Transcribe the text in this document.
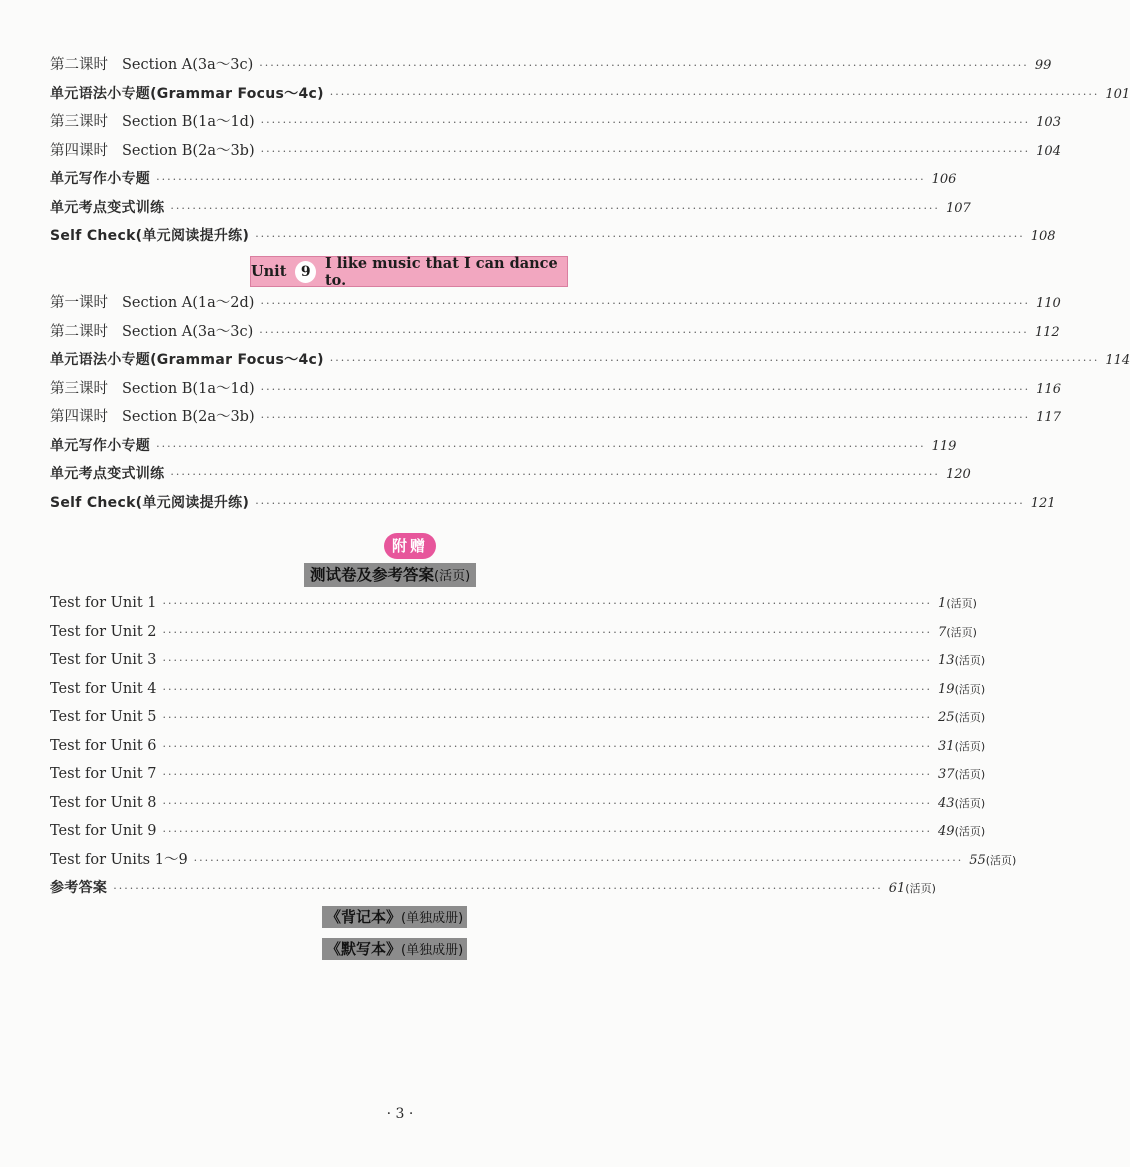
第二课时 Section A(3a～3c) ············································································································································ 99
单元语法小专题(Grammar Focus～4c) ············································································································································ 101
第三课时 Section B(1a～1d) ············································································································································ 103
第四课时 Section B(2a～3b) ············································································································································ 104
单元写作小专题 ············································································································································ 106
单元考点变式训练 ············································································································································ 107
Self Check(单元阅读提升练) ············································································································································ 108
第一课时 Section A(1a～2d) ············································································································································ 110
第二课时 Section A(3a～3c) ············································································································································ 112
单元语法小专题(Grammar Focus～4c) ············································································································································ 114
第三课时 Section B(1a～1d) ············································································································································ 116
第四课时 Section B(2a～3b) ············································································································································ 117
单元写作小专题 ············································································································································ 119
单元考点变式训练 ············································································································································ 120
Self Check(单元阅读提升练) ············································································································································ 121
Test for Unit 1 ············································································································································ 1(活页)
Test for Unit 2 ············································································································································ 7(活页)
Test for Unit 3 ············································································································································ 13(活页)
Test for Unit 4 ············································································································································ 19(活页)
Test for Unit 5 ············································································································································ 25(活页)
Test for Unit 6 ············································································································································ 31(活页)
Test for Unit 7 ············································································································································ 37(活页)
Test for Unit 8 ············································································································································ 43(活页)
Test for Unit 9 ············································································································································ 49(活页)
Test for Units 1～9 ············································································································································ 55(活页)
参考答案 ············································································································································ 61(活页)
Unit	9 I like music that I can dance to.
附赠
测试卷及参考答案(活页)
《背记本》(单独成册)
《默写本》(单独成册)
· 3 ·
